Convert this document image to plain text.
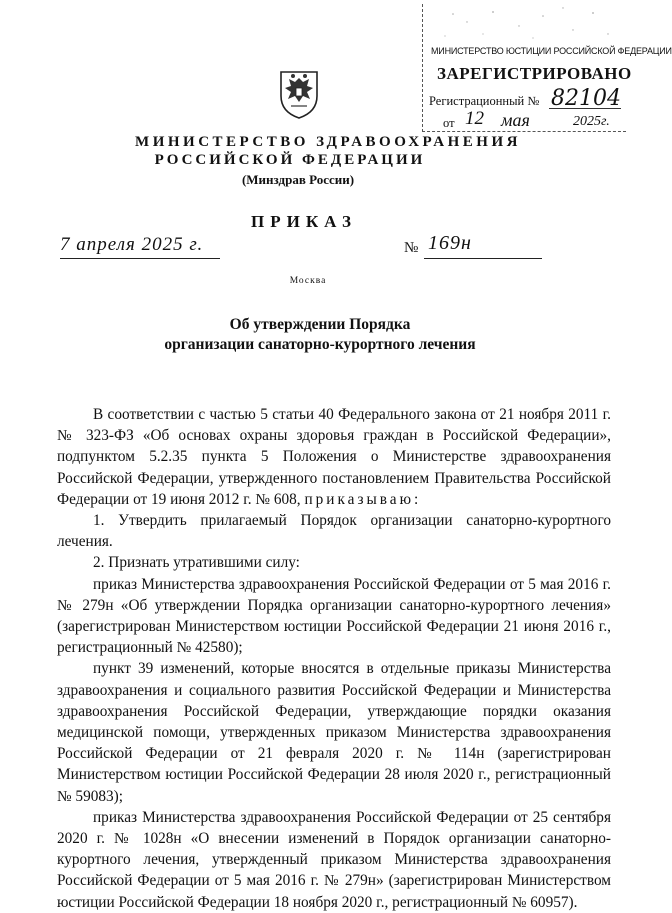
МИНИСТЕРСТВО ЮСТИЦИИ РОССИЙСКОЙ ФЕДЕРАЦИИ
ЗАРЕГИСТРИРОВАНО
Регистрационный № 82104
от 12 мая	2025г.
МИНИСТЕРСТВО ЗДРАВООХРАНЕНИЯ
РОССИЙСКОЙ ФЕДЕРАЦИИ
(Минздрав России)
ПРИКАЗ
7 апреля 2025 г.	№ 169н
Москва
Об утверждении Порядка
организации санаторно-курортного лечения

В соответствии с частью 5 статьи 40 Федерального закона от 21 ноября 2011 г. № 323-ФЗ «Об основах охраны здоровья граждан в Российской Федерации», подпунктом 5.2.35 пункта 5 Положения о Министерстве здравоохранения Российской Федерации, утвержденного постановлением Правительства Российской Федерации от 19 июня 2012 г. № 608, приказываю:

1. Утвердить прилагаемый Порядок организации санаторно-курортного лечения.

2. Признать утратившими силу:

приказ Министерства здравоохранения Российской Федерации от 5 мая 2016 г. № 279н «Об утверждении Порядка организации санаторно-курортного лечения» (зарегистрирован Министерством юстиции Российской Федерации 21 июня 2016 г., регистрационный № 42580);

пункт 39 изменений, которые вносятся в отдельные приказы Министерства здравоохранения и социального развития Российской Федерации и Министерства здравоохранения Российской Федерации, утверждающие порядки оказания медицинской помощи, утвержденных приказом Министерства здравоохранения Российской Федерации от 21 февраля 2020 г. № 114н (зарегистрирован Министерством юстиции Российской Федерации 28 июля 2020 г., регистрационный № 59083);

приказ Министерства здравоохранения Российской Федерации от 25 сентября 2020 г. № 1028н «О внесении изменений в Порядок организации санаторно-курортного лечения, утвержденный приказом Министерства здравоохранения Российской Федерации от 5 мая 2016 г. № 279н» (зарегистрирован Министерством юстиции Российской Федерации 18 ноября 2020 г., регистрационный № 60957).
